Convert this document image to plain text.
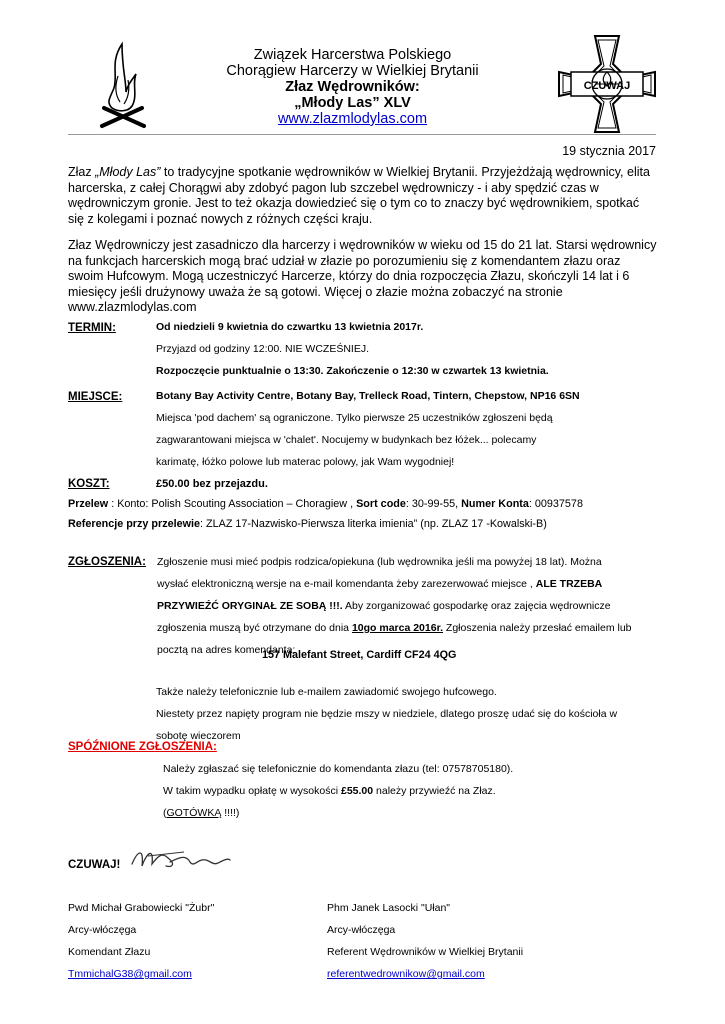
Związek Harcerstwa Polskiego
Chorągiew Harcerzy w Wielkiej Brytanii
Złaz Wędrowników:
„Młody Las” XLV
www.zlazmlodylas.com
CZUWAJ
19 stycznia 2017
Złaz „Młody Las” to tradycyjne spotkanie wędrowników w Wielkiej Brytanii. Przyjeżdżają wędrownicy, elita harcerska, z całej Chorągwi aby zdobyć pagon lub szczebel wędrowniczy - i aby spędzić czas w wędrowniczym gronie. Jest to też okazja dowiedzieć się o tym co to znaczy być wędrownikiem, spotkać się z kolegami i poznać nowych z różnych części kraju.
Złaz Wędrowniczy jest zasadniczo dla harcerzy i wędrowników w wieku od 15 do 21 lat. Starsi wędrownicy na funkcjach harcerskich mogą brać udział w złazie po porozumieniu się z komendantem złazu oraz swoim Hufcowym. Mogą uczestniczyć Harcerze, którzy do dnia rozpoczęcia Złazu, skończyli 14 lat i 6 miesięcy jeśli drużynowy uważa że są gotowi. Więcej o złazie można zobaczyć na stronie www.zlazmlodylas.com
TERMIN:	Od niedzieli 9 kwietnia do czwartku 13 kwietnia 2017r.
Przyjazd od godziny 12:00. NIE WCZEŚNIEJ.
Rozpoczęcie punktualnie o 13:30. Zakończenie o 12:30 w czwartek 13 kwietnia.
MIEJSCE:	Botany Bay Activity Centre, Botany Bay, Trelleck Road, Tintern, Chepstow, NP16 6SN
Miejsca 'pod dachem' są ograniczone. Tylko pierwsze 25 uczestników zgłoszeni będą
zagwarantowani miejsca w 'chalet'. Nocujemy w budynkach bez łóżek... polecamy
karimatę, łóżko polowe lub materac polowy, jak Wam wygodniej!
KOSZT:	£50.00 bez przejazdu.
Przelew : Konto: Polish Scouting Association – Choragiew , Sort code: 30-99-55, Numer Konta: 00937578
Referencje przy przelewie: ZLAZ 17-Nazwisko-Pierwsza literka imienia” (np. ZLAZ 17 -Kowalski-B)
ZGŁOSZENIA: Zgłoszenie musi mieć podpis rodzica/opiekuna (lub wędrownika jeśli ma powyżej 18 lat). Można
wysłać elektroniczną wersje na e-mail komendanta żeby zarezerwować miejsce , ALE TRZEBA
PRZYWIEŹĆ ORYGINAŁ ZE SOBĄ !!!. Aby zorganizować gospodarkę oraz zajęcia wędrownicze
zgłoszenia muszą być otrzymane do dnia 10go marca 2016r. Zgłoszenia należy przesłać emailem lub
pocztą na adres komendanta:
157 Malefant Street, Cardiff CF24 4QG
Także należy telefonicznie lub e-mailem zawiadomić swojego hufcowego.
Niestety przez napięty program nie będzie mszy w niedziele, dlatego proszę udać się do kościoła w
sobotę wieczorem
SPÓŹNIONE ZGŁOSZENIA:
Należy zgłaszać się telefonicznie do komendanta złazu (tel: 07578705180).
W takim wypadku opłatę w wysokości £55.00 należy przywieźć na Złaz.
(GOTÓWKĄ !!!!)
CZUWAJ!
Pwd Michał Grabowiecki "Żubr"
Arcy-włóczęga
Komendant Złazu
TmmichalG38@gmail.com
Phm Janek Lasocki "Ułan"
Arcy-włóczęga
Referent Wędrowników w Wielkiej Brytanii
referentwedrownikow@gmail.com
